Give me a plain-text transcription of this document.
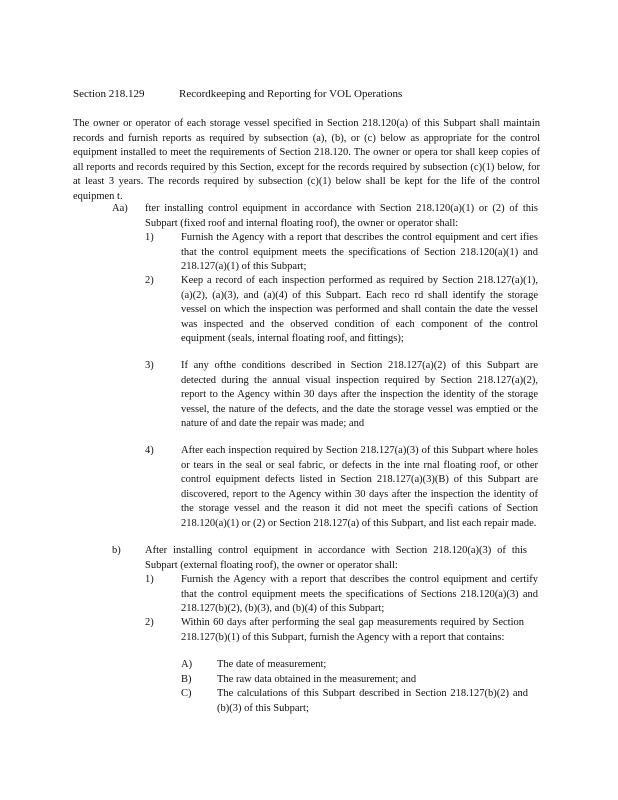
Section 218.129	Recordkeeping and Reporting for VOL Operations
The owner or operator of each storage vessel specified in Section 218.120(a) of this Subpart shall maintain records and furnish reports as required by subsection (a), (b), or (c) below as appropriate for the control equipment installed to meet the requirements of Section 218.120. The owner or opera tor shall keep copies of all reports and records required by this Section, except for the records required by subsection (c)(1) below, for at least 3 years. The records required by subsection (c)(1) below shall be kept for the life of the control equipmen t.
Aa) fter installing control equipment in accordance with Section 218.120(a)(1) or (2) of this Subpart (fixed roof and internal floating roof), the owner or operator shall:
1)	Furnish the Agency with a report that describes the control equipment and cert ifies that the control equipment meets the specifications of Section 218.120(a)(1) and 218.127(a)(1) of this Subpart;
2)	Keep a record of each inspection performed as required by Section 218.127(a)(1), (a)(2), (a)(3), and (a)(4) of this Subpart. Each reco rd shall identify the storage vessel on which the inspection was performed and shall contain the date the vessel was inspected and the observed condition of each component of the control equipment (seals, internal floating roof, and fittings);
3)	If any ofthe conditions described in Section 218.127(a)(2) of this Subpart are detected during the annual visual inspection required by Section 218.127(a)(2), report to the Agency within 30 days after the inspection the identity of the storage vessel, the nature of the defects, and the date the storage vessel was emptied or the nature of and date the repair was made; and
4)	After each inspection required by Section 218.127(a)(3) of this Subpart where holes or tears in the seal or seal fabric, or defects in the inte rnal floating roof, or other control equipment defects listed in Section 218.127(a)(3)(B) of this Subpart are discovered, report to the Agency within 30 days after the inspection the identity of the storage vessel and the reason it did not meet the specifi cations of Section 218.120(a)(1) or (2) or Section 218.127(a) of this Subpart, and list each repair made.
b) After installing control equipment in accordance with Section 218.120(a)(3) of this Subpart (external floating roof), the owner or operator shall:
1)	Furnish the Agency with a report that describes the control equipment and certify that the control equipment meets the specifications of Sections 218.120(a)(3) and 218.127(b)(2), (b)(3), and (b)(4) of this Subpart;
2)	Within 60 days after performing the seal gap measurements required by Section 218.127(b)(1) of this Subpart, furnish the Agency with a report that contains:
A) The date of measurement;
B) The raw data obtained in the measurement; and
C) The calculations of this Subpart described in Section 218.127(b)(2) and (b)(3) of this Subpart;
